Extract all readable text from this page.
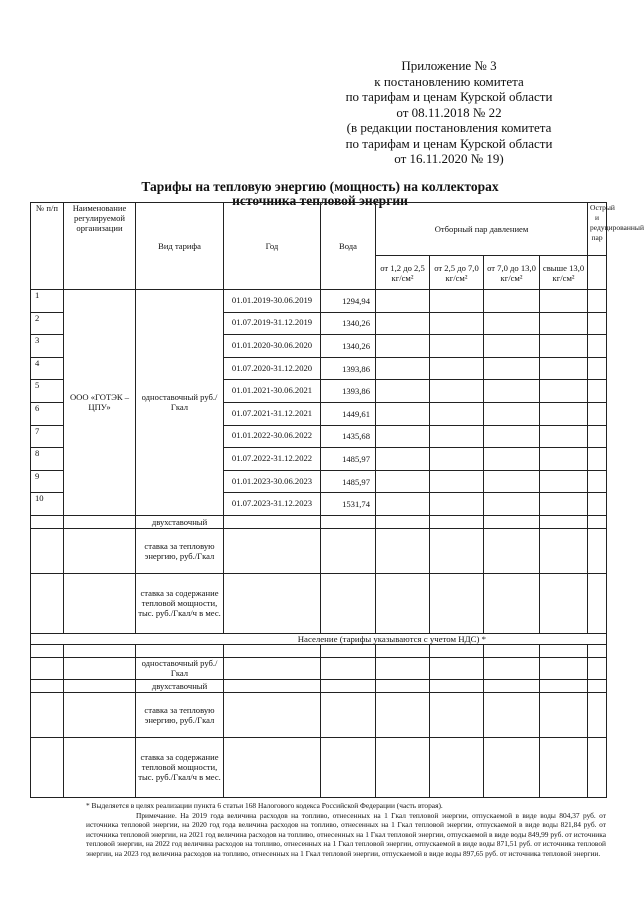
Приложение № 3
к постановлению комитета
по тарифам и ценам Курской области
от 08.11.2018 № 22
(в редакции постановления комитета
по тарифам и ценам Курской области
от 16.11.2020 № 19)
Тарифы на тепловую энергию (мощность) на коллекторах
источника тепловой энергии
№ п/п	Наименование регулируемой организации	Вид тарифа	Год	Вода	Отборный пар давлением				Острый и редуцированный пар
					от 1,2 до 2,5 кг/см²	от 2,5 до 7,0 кг/см²	от 7,0 до 13,0 кг/см²	свыше 13,0 кг/см²	
1	ООО «ГОТЭК – ЦПУ»	одноставочный руб./Гкал	01.01.2019-30.06.2019	1294,94					
2			01.07.2019-31.12.2019	1340,26					
3			01.01.2020-30.06.2020	1340,26					
4			01.07.2020-31.12.2020	1393,86					
5			01.01.2021-30.06.2021	1393,86					
6			01.07.2021-31.12.2021	1449,61					
7			01.01.2022-30.06.2022	1435,68					
8			01.07.2022-31.12.2022	1485,97					
9			01.01.2023-30.06.2023	1485,97					
10			01.07.2023-31.12.2023	1531,74					
		двухставочный							
		ставка за тепловую энергию, руб./Гкал							
		ставка за содержание тепловой мощности, тыс. руб./Гкал/ч в мес.							
Население (тарифы указываются с учетом НДС) *									

		одноставочный руб./Гкал							
		двухставочный							
		ставка за тепловую энергию, руб./Гкал							
		ставка за содержание тепловой мощности, тыс. руб./Гкал/ч в мес.							

* Выделяется в целях реализации пункта 6 статьи 168 Налогового кодекса Российской Федерации (часть вторая).

Примечание. На 2019 года величина расходов на топливо, отнесенных на 1 Гкал тепловой энергии, отпускаемой в виде воды 804,37 руб. от источника тепловой энергии, на 2020 год года величина расходов на топливо, отнесенных на 1 Гкал тепловой энергии, отпускаемой в виде воды 821,84 руб. от источника тепловой энергии, на 2021 год величина расходов на топливо, отнесенных на 1 Гкал тепловой энергии, отпускаемой в виде воды 849,99 руб. от источника тепловой энергии, на 2022 год величина расходов на топливо, отнесенных на 1 Гкал тепловой энергии, отпускаемой в виде воды 871,51 руб. от источника тепловой энергии, на 2023 год величина расходов на топливо, отнесенных на 1 Гкал тепловой энергии, отпускаемой в виде воды 897,65 руб. от источника тепловой энергии.
